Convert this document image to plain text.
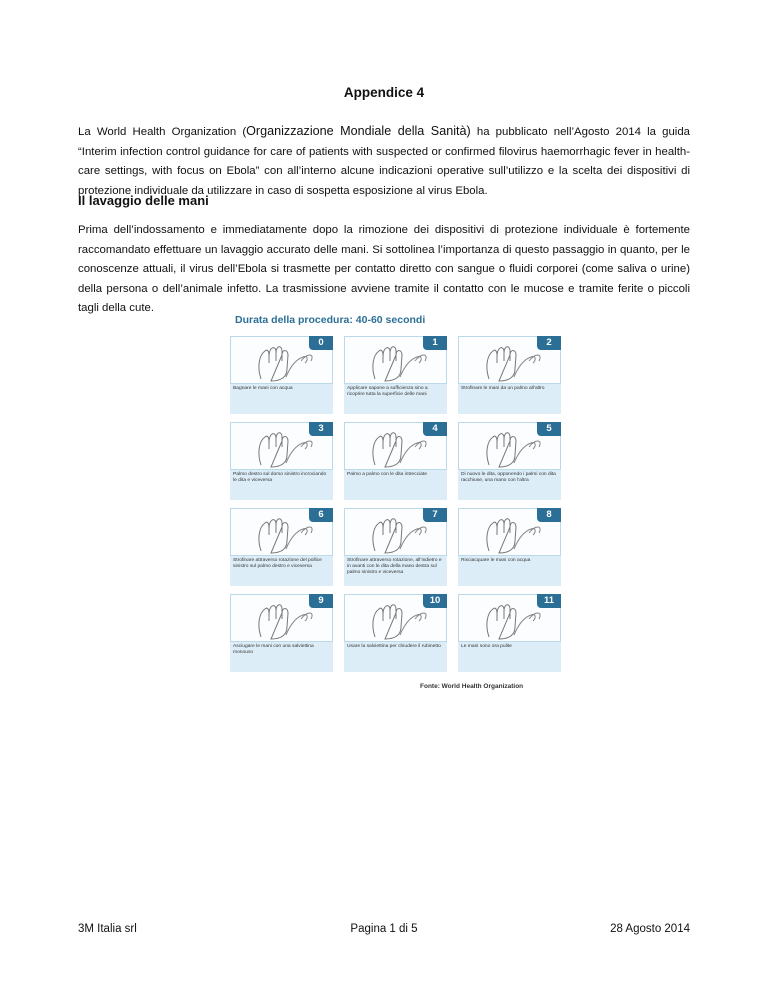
Appendice 4

La World Health Organization (Organizzazione Mondiale della Sanità) ha pubblicato nell’Agosto 2014 la guida “Interim infection control guidance for care of patients with suspected or confirmed filovirus haemorrhagic fever in health-care settings, with focus on Ebola” con all’interno alcune indicazioni operative sull’utilizzo e la scelta dei dispositivi di protezione individuale da utilizzare in caso di sospetta esposizione al virus Ebola.

Il lavaggio delle mani

Prima dell’indossamento e immediatamente dopo la rimozione dei dispositivi di protezione individuale è fortemente raccomandato effettuare un lavaggio accurato delle mani. Si sottolinea l’importanza di questo passaggio in quanto, per le conoscenze attuali, il virus dell’Ebola si trasmette per contatto diretto con sangue o fluidi corporei (come saliva o urine) della persona o dell’animale infetto. La trasmissione avviene tramite il contatto con le mucose e tramite ferite o piccoli tagli della cute.

Durata della procedura: 40-60 secondi
0
Bagnare le mani con acqua
1
Applicare sapone a sufficienza sino a ricoprire tutta la superficie delle mani
2
Strofinare le mani da un palmo all’altro
3
Palmo destro sul dorso sinistro incrociando le dita e viceversa
4
Palmo a palmo con le dita intrecciate
5
Di nuovo le dita, opponendo i palmi con dita racchiuse, una mano con l’altra
6
Strofinare attraverso rotazione del pollice sinistro sul palmo destro e viceversa
7
Strofinare attraverso rotazione, all’indietro e in avanti con le dita della mano destra sul palmo sinistro e viceversa
8
Risciacquare le mani con acqua
9
Asciugare le mani con una salviettina monouso
10
Usare la salviettina per chiudere il rubinetto
11
Le mani sono ora pulite
Fonte: World Health Organization
3M Italia srl	Pagina 1 di 5	28 Agosto 2014
